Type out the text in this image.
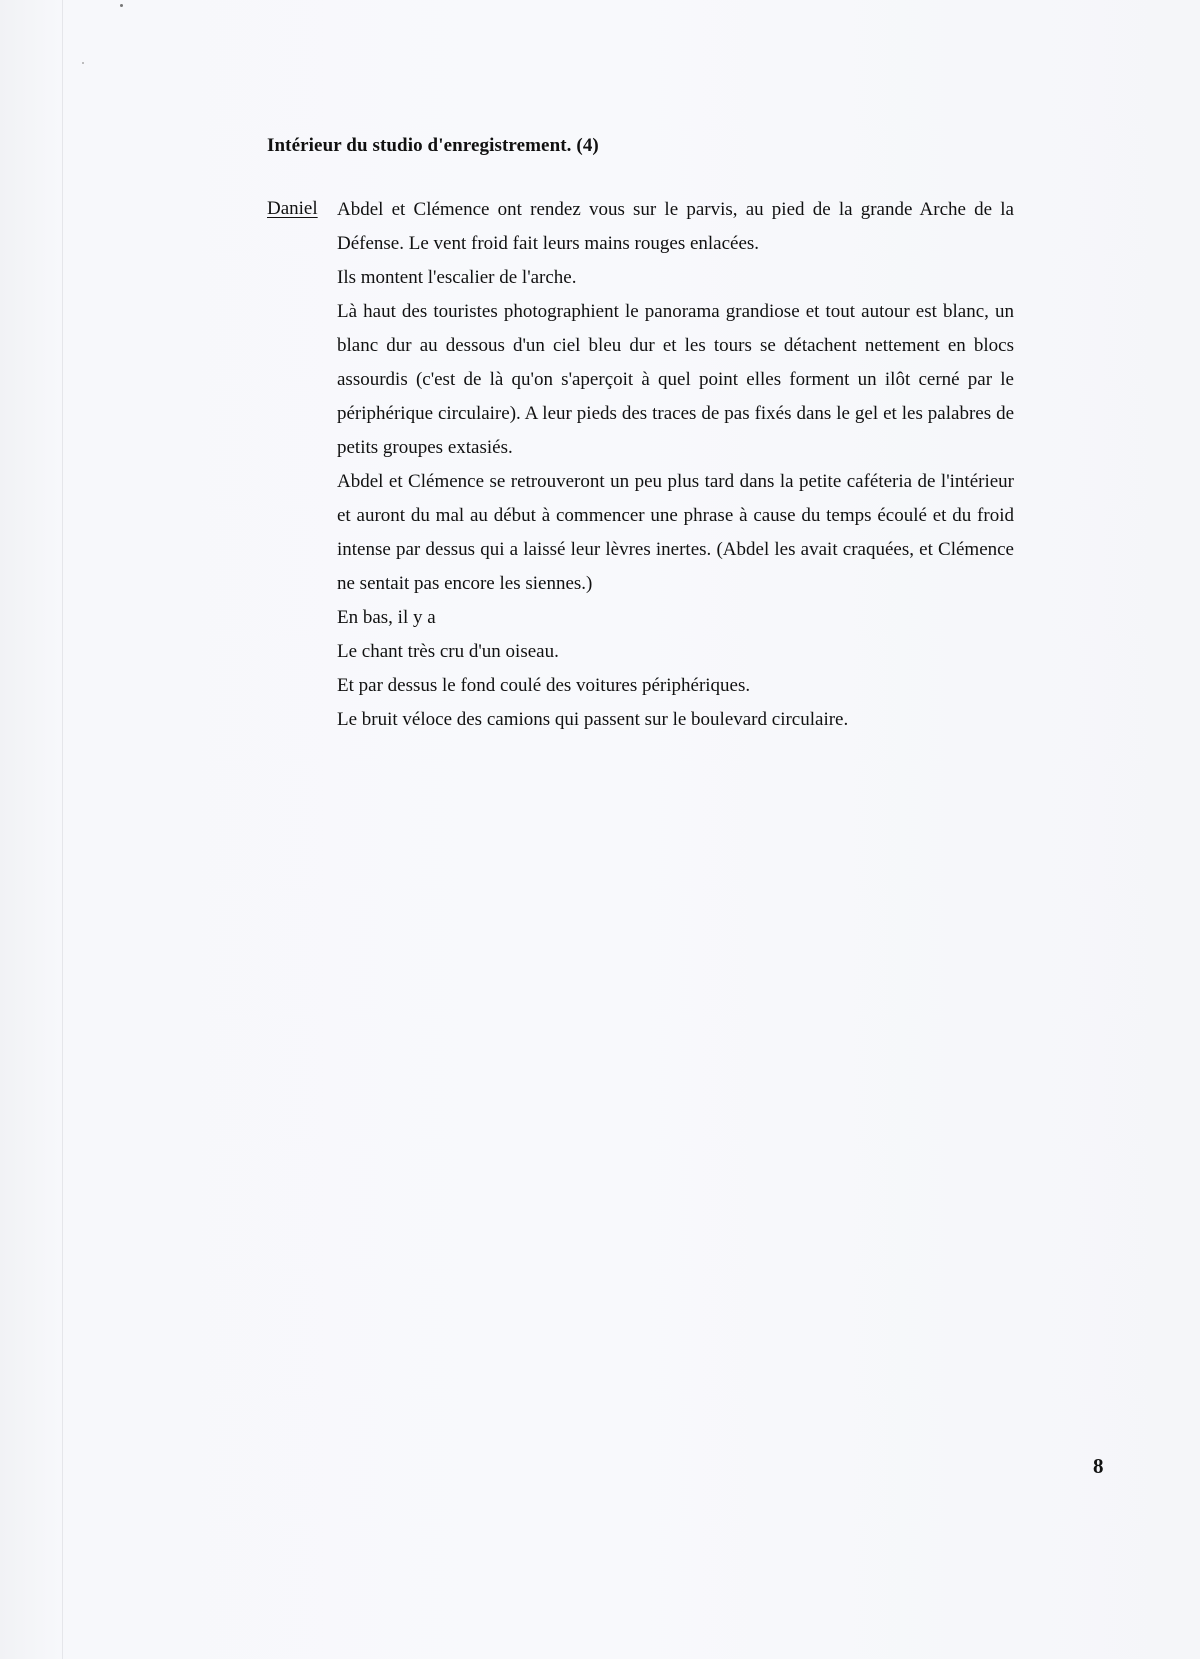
Intérieur du studio d'enregistrement. (4)
Daniel Abdel et Clémence ont rendez vous sur le parvis, au pied de la grande Arche de la Défense. Le vent froid fait leurs mains rouges enlacées.

Ils montent l'escalier de l'arche.

Là haut des touristes photographient le panorama grandiose et tout autour est blanc, un blanc dur au dessous d'un ciel bleu dur et les tours se détachent nettement en blocs assourdis (c'est de là qu'on s'aperçoit à quel point elles forment un ilôt cerné par le périphérique circulaire). A leur pieds des traces de pas fixés dans le gel et les palabres de petits groupes extasiés.

Abdel et Clémence se retrouveront un peu plus tard dans la petite caféteria de l'intérieur et auront du mal au début à commencer une phrase à cause du temps écoulé et du froid intense par dessus qui a laissé leur lèvres inertes. (Abdel les avait craquées, et Clémence ne sentait pas encore les siennes.)

En bas, il y a

Le chant très cru d'un oiseau.

Et par dessus le fond coulé des voitures périphériques.

Le bruit véloce des camions qui passent sur le boulevard circulaire.

8
